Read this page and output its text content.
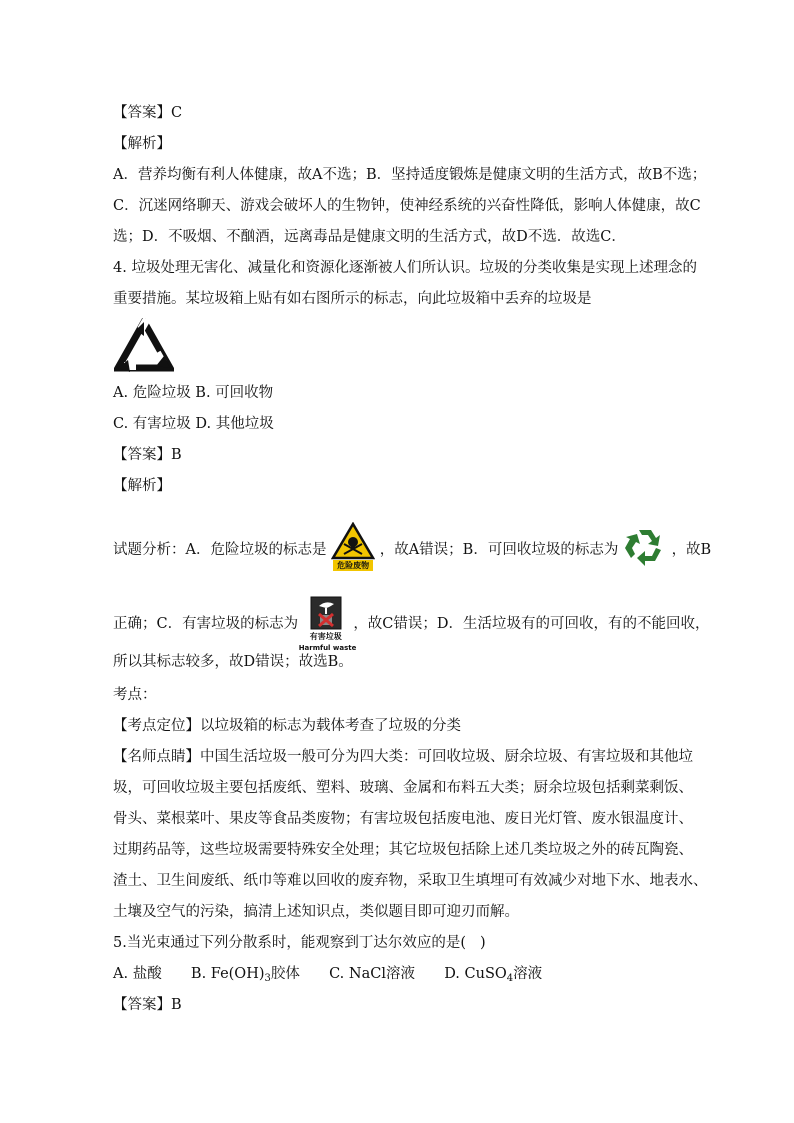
【答案】C
【解析】
A．营养均衡有利人体健康，故A不选；B．坚持适度锻炼是健康文明的生活方式，故B不选；
C．沉迷网络聊天、游戏会破坏人的生物钟，使神经系统的兴奋性降低，影响人体健康，故C
选；D．不吸烟、不酗酒，远离毒品是健康文明的生活方式，故D不选．故选C．
4. 垃圾处理无害化、减量化和资源化逐渐被人们所认识。垃圾的分类收集是实现上述理念的
重要措施。某垃圾箱上贴有如右图所示的标志，向此垃圾箱中丢弃的垃圾是
A. 危险垃圾 B. 可回收物
C. 有害垃圾 D. 其他垃圾
【答案】B
【解析】
试题分析：A．危险垃圾的标志是
危险废物
，故A错误；B．可回收垃圾的标志为	，故B
正确；C．有害垃圾的标志为
有害垃圾
Harmful waste
，故C错误；D．生活垃圾有的可回收，有的不能回收，
所以其标志较多，故D错误；故选B。
考点：
【考点定位】以垃圾箱的标志为载体考查了垃圾的分类
【名师点睛】中国生活垃圾一般可分为四大类：可回收垃圾、厨余垃圾、有害垃圾和其他垃
圾，可回收垃圾主要包括废纸、塑料、玻璃、金属和布料五大类；厨余垃圾包括剩菜剩饭、
骨头、菜根菜叶、果皮等食品类废物；有害垃圾包括废电池、废日光灯管、废水银温度计、
过期药品等，这些垃圾需要特殊安全处理；其它垃圾包括除上述几类垃圾之外的砖瓦陶瓷、
渣土、卫生间废纸、纸巾等难以回收的废弃物，采取卫生填埋可有效减少对地下水、地表水、
土壤及空气的污染，搞清上述知识点，类似题目即可迎刃而解。
5.当光束通过下列分散系时，能观察到丁达尔效应的是( )
A. 盐酸 B. $Fe(OH)_3$胶体 C. NaCl溶液 D. CuSO$_4$溶液
【答案】B
